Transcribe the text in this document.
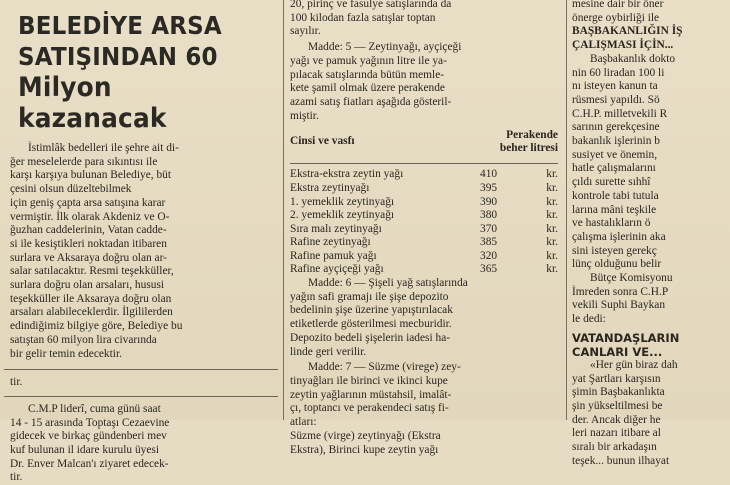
BELEDİYE ARSA
SATIŞINDAN 60
Milyon kazanacak

İstimlâk bedelleri ile şehre ait di-

ğer meselelerde para sıkıntısı ile

karşı karşıya bulunan Belediye, büt

çesini olsun düzeltebilmek

için geniş çapta arsa satışına karar

vermiştir. İlk olarak Akdeniz ve O-

ğuzhan caddelerinin, Vatan cadde-

si ile kesiştikleri noktadan itibaren

surlara ve Aksaraya doğru olan ar-

salar satılacaktır. Resmi teşekküller,

surlara doğru olan arsaları, hususi

teşekküller ile Aksaraya doğru olan

arsaları alabileceklerdir. İlgililerden

edindiğimiz bilgiye göre, Belediye bu

satıştan 60 milyon lira civarında

bir gelir temin edecektir.

tir.

C.M.P liderî, cuma günü saat

14 - 15 arasında Toptaşı Cezaevine

gidecek ve birkaç gündenberi mev

kuf bulunan il idare kurulu üyesi

Dr. Enver Malcan'ı ziyaret edecek-

tir.

20, pirinç ve fasulye satışlarında da

100 kilodan fazla satışlar toptan

sayılır.

Madde: 5 — Zeytinyağı, ayçiçeği

yağı ve pamuk yağının litre ile ya-

pılacak satışlarında bütün memle-

kete şamil olmak üzere perakende

azami satış fiatları aşağıda gösteril-

miştir.

Cinsi ve vasfı	Perakende
beher litresi
Ekstra-ekstra zeytin yağı	410	kr.
Ekstra zeytinyağı	395	kr.
1. yemeklik zeytinyağı	390	kr.
2. yemeklik zeytinyağı	380	kr.
Sıra malı zeytinyağı	370	kr.
Rafine zeytinyağı	385	kr.
Rafine pamuk yağı	320	kr.
Rafine ayçiçeği yağı	365	kr.

Madde: 6 — Şişeli yağ satışlarında

yağın safi gramajı ile şişe depozito

bedelinin şişe üzerine yapıştırılacak

etiketlerde gösterilmesi mecburidir.

Depozito bedeli şişelerin iadesi ha-

linde geri verilir.

Madde: 7 — Süzme (virege) zey-

tinyağları ile birinci ve ikinci kupe

zeytin yağlarının müstahsil, imalât-

çı, toptancı ve perakendeci satış fi-

atları:

Süzme (virge) zeytinyağı (Ekstra

Ekstra), Birinci kupe zeytin yağı

mesine dair bir öner

önerge oybirliği ile

BAŞBAKANLIĞIN İŞ

ÇALIŞMASI İÇİN...

Başbakanlık dokto

nin 60 liradan 100 li

nı isteyen kanun ta

rüsmesi yapıldı. Sö

C.H.P. milletvekili R

sarının gerekçesine

bakanlık işlerinin b

susiyet ve önemin,

hatle çalışmalarını

çıldı surette sıhhî

kontrole tabi tutula

larına mâni teşkile

ve hastalıkların ö

çalışma işlerinin aka

sini isteyen gerekç

lünç olduğunu belir

Bütçe Komisyonu

İmreden sonra C.H.P

vekili Suphi Baykan

le dedi:

VATANDAŞLARIN
CANLARI VE...

«Her gün biraz dah

yat Şartları karşısın

şimin Başbakanlıkta

şin yükseltilmesi be

der. Ancak diğer he

leri nazarı itibare al

sıralı bir arkadaşın

teşek... bunun ilhayat
